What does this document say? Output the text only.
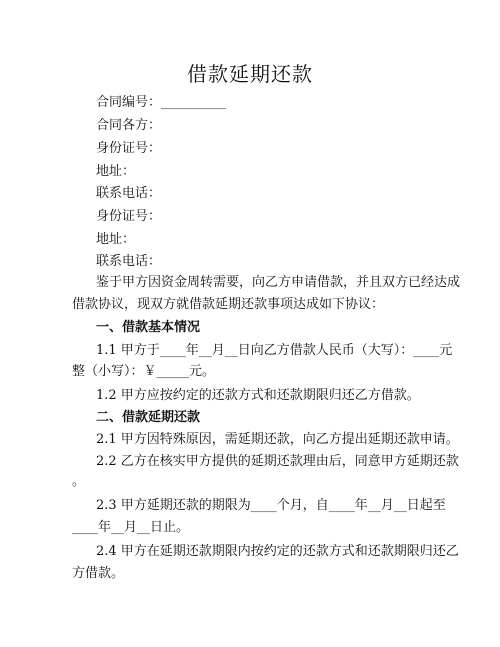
借款延期还款
合同编号：__________
合同各方：
身份证号：
地址：
联系电话：
身份证号：
地址：
联系电话：
鉴于甲方因资金周转需要，向乙方申请借款，并且双方已经达成
借款协议，现双方就借款延期还款事项达成如下协议：
一、借款基本情况
1.1 甲方于____年__月__日向乙方借款人民币（大写）：____元
整（小写）：￥_____元。
1.2 甲方应按约定的还款方式和还款期限归还乙方借款。
二、借款延期还款
2.1 甲方因特殊原因，需延期还款，向乙方提出延期还款申请。
2.2 乙方在核实甲方提供的延期还款理由后，同意甲方延期还款
。
2.3 甲方延期还款的期限为____个月，自____年__月__日起至
____年__月__日止。
2.4 甲方在延期还款期限内按约定的还款方式和还款期限归还乙
方借款。
